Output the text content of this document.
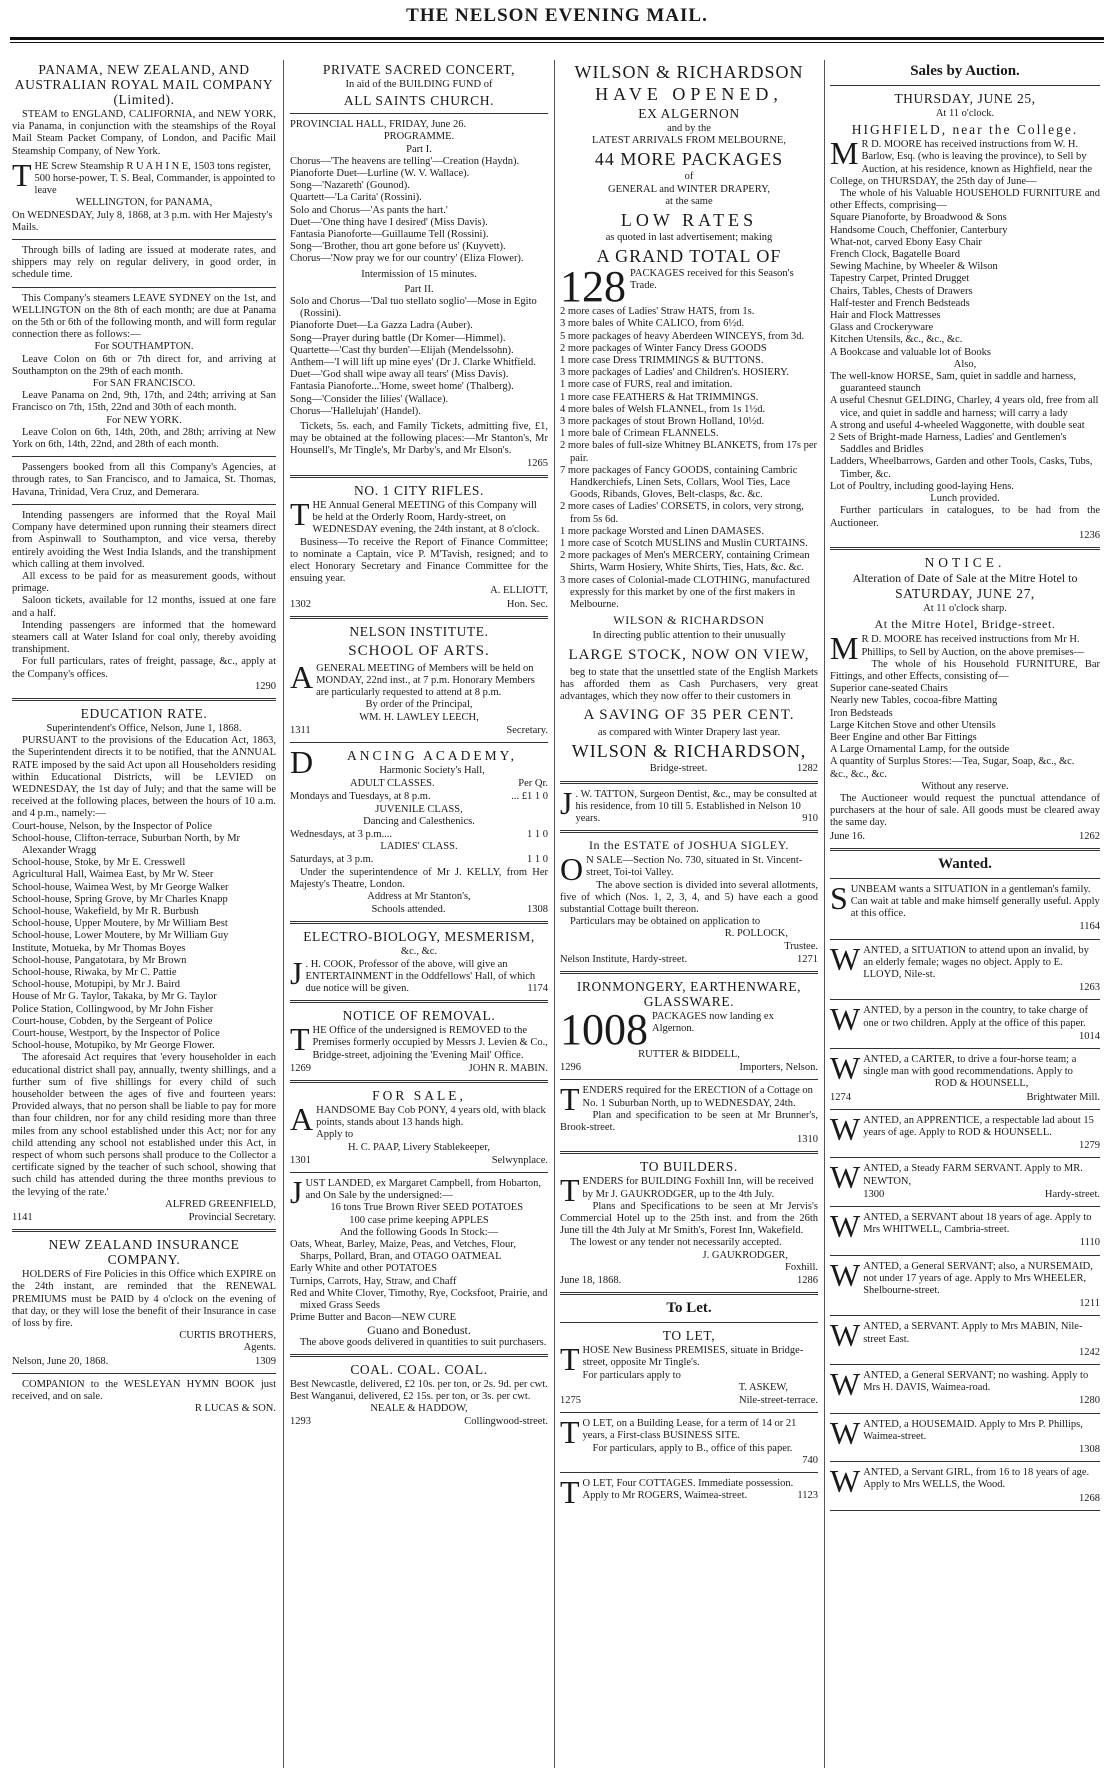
THE NELSON EVENING MAIL.
PANAMA, NEW ZEALAND, AND AUSTRALIAN ROYAL MAIL COMPANY (Limited).
STEAM to ENGLAND, CALIFORNIA, and NEW YORK, via Panama, in conjunction with the steamships of the Royal Mail Steam Packet Company, of London, and Pacific Mail Steamship Company, of New York.
THE Screw Steamship R U A H I N E, 1503 tons register, 500 horse-power, T. S. Beal, Commander, is appointed to leave
WELLINGTON, for PANAMA,
On WEDNESDAY, July 8, 1868, at 3 p.m. with Her Majesty's Mails.
Through bills of lading are issued at moderate rates, and shippers may rely on regular delivery, in good order, in schedule time.
This Company's steamers LEAVE SYDNEY on the 1st, and WELLINGTON on the 8th of each month; are due at Panama on the 5th or 6th of the following month, and will form regular connection there as follows:—
For SOUTHAMPTON.
Leave Colon on 6th or 7th direct for, and arriving at Southampton on the 29th of each month.
For SAN FRANCISCO.
Leave Panama on 2nd, 9th, 17th, and 24th; arriving at San Francisco on 7th, 15th, 22nd and 30th of each month.
For NEW YORK.
Leave Colon on 6th, 14th, 20th, and 28th; arriving at New York on 6th, 14th, 22nd, and 28th of each month.
Passengers booked from all this Company's Agencies, at through rates, to San Francisco, and to Jamaica, St. Thomas, Havana, Trinidad, Vera Cruz, and Demerara.
Intending passengers are informed that the Royal Mail Company have determined upon running their steamers direct from Aspinwall to Southampton, and vice versa, thereby entirely avoiding the West India Islands, and the transhipment which calling at them involved.
All excess to be paid for as measurement goods, without primage.
Saloon tickets, available for 12 months, issued at one fare and a half.
Intending passengers are informed that the homeward steamers call at Water Island for coal only, thereby avoiding transhipment.
For full particulars, rates of freight, passage, &c., apply at the Company's offices.
1290
EDUCATION RATE.
Superintendent's Office, Nelson, June 1, 1868.
PURSUANT to the provisions of the Education Act, 1863, the Superintendent directs it to be notified, that the ANNUAL RATE imposed by the said Act upon all Householders residing within Educational Districts, will be LEVIED on WEDNESDAY, the 1st day of July; and that the same will be received at the following places, between the hours of 10 a.m. and 4 p.m., namely:—
Court-house, Nelson, by the Inspector of Police
School-house, Clifton-terrace, Suburban North, by Mr Alexander Wragg
School-house, Stoke, by Mr E. Cresswell
Agricultural Hall, Waimea East, by Mr W. Steer
School-house, Waimea West, by Mr George Walker
School-house, Spring Grove, by Mr Charles Knapp
School-house, Wakefield, by Mr R. Burbush
School-house, Upper Moutere, by Mr William Best
School-house, Lower Moutere, by Mr William Guy
Institute, Motueka, by Mr Thomas Boyes
School-house, Pangatotara, by Mr Brown
School-house, Riwaka, by Mr C. Pattie
School-house, Motupipi, by Mr J. Baird
House of Mr G. Taylor, Takaka, by Mr G. Taylor
Police Station, Collingwood, by Mr John Fisher
Court-house, Cobden, by the Sergeant of Police
Court-house, Westport, by the Inspector of Police
School-house, Motupiko, by Mr George Flower.
The aforesaid Act requires that 'every householder in each educational district shall pay, annually, twenty shillings, and a further sum of five shillings for every child of such householder between the ages of five and fourteen years: Provided always, that no person shall be liable to pay for more than four children, nor for any child residing more than three miles from any school established under this Act; nor for any child attending any school not established under this Act, in respect of whom such persons shall produce to the Collector a certificate signed by the teacher of such school, showing that such child has attended during the three months previous to the levying of the rate.'
ALFRED GREENFIELD,
1141	Provincial Secretary.
NEW ZEALAND INSURANCE COMPANY.
HOLDERS of Fire Policies in this Office which EXPIRE on the 24th instant, are reminded that the RENEWAL PREMIUMS must be PAID by 4 o'clock on the evening of that day, or they will lose the benefit of their Insurance in case of loss by fire.
CURTIS BROTHERS,
Agents.
Nelson, June 20, 1868.	1309
COMPANION to the WESLEYAN HYMN BOOK just received, and on sale.
R LUCAS & SON.
PRIVATE SACRED CONCERT,
In aid of the BUILDING FUND of
ALL SAINTS CHURCH.
PROVINCIAL HALL, FRIDAY, June 26.
PROGRAMME.
Part I.
Chorus—'The heavens are telling'—Creation (Haydn).
Pianoforte Duet—Lurline (W. V. Wallace).
Song—'Nazareth' (Gounod).
Quartett—'La Carita' (Rossini).
Solo and Chorus—'As pants the hart.'
Duet—'One thing have I desired' (Miss Davis).
Fantasia Pianoforte—Guillaume Tell (Rossini).
Song—'Brother, thou art gone before us' (Kuyvett).
Chorus—'Now pray we for our country' (Eliza Flower).
Intermission of 15 minutes.
Part II.
Solo and Chorus—'Dal tuo stellato soglio'—Mose in Egito (Rossini).
Pianoforte Duet—La Gazza Ladra (Auber).
Song—Prayer during battle (Dr Komer—Himmel).
Quartette—'Cast thy burden'—Elijah (Mendelssohn).
Anthem—'I will lift up mine eyes' (Dr J. Clarke Whitfield.
Duet—'God shall wipe away all tears' (Miss Davis).
Fantasia Pianoforte...'Home, sweet home' (Thalberg).
Song—'Consider the lilies' (Wallace).
Chorus—'Hallelujah' (Handel).
Tickets, 5s. each, and Family Tickets, admitting five, £1, may be obtained at the following places:—Mr Stanton's, Mr Hounsell's, Mr Tingle's, Mr Darby's, and Mr Elson's.
1265
NO. 1 CITY RIFLES.
THE Annual General MEETING of this Company will be held at the Orderly Room, Hardy-street, on WEDNESDAY evening, the 24th instant, at 8 o'clock.
Business—To receive the Report of Finance Committee; to nominate a Captain, vice P. M'Tavish, resigned; and to elect Honorary Secretary and Finance Committee for the ensuing year.
A. ELLIOTT,
1302	Hon. Sec.
NELSON INSTITUTE.
SCHOOL OF ARTS.
AGENERAL MEETING of Members will be held on MONDAY, 22nd inst., at 7 p.m. Honorary Members are particularly requested to attend at 8 p.m.
By order of the Principal,
WM. H. LAWLEY LEECH,
1311	Secretary.
D	ANCING ACADEMY,
Harmonic Society's Hall,
ADULT CLASSES.	Per Qr.
Mondays and Tuesdays, at 8 p.m.	... £1 1 0
JUVENILE CLASS,
Dancing and Calesthenics.
Wednesdays, at 3 p.m....	1 1 0
LADIES' CLASS.
Saturdays, at 3 p.m.	1 1 0
Under the superintendence of Mr J. KELLY, from Her Majesty's Theatre, London.
Address at Mr Stanton's,
Schools attended.	1308
ELECTRO-BIOLOGY, MESMERISM,
&c., &c.
J . H. COOK, Professor of the above, will give an ENTERTAINMENT in the Oddfellows' Hall, of which due notice will be given.	1174
NOTICE OF REMOVAL.
THE Office of the undersigned is REMOVED to the Premises formerly occupied by Messrs J. Levien & Co., Bridge-street, adjoining the 'Evening Mail' Office.
1269	JOHN R. MABIN.
FOR SALE,
AHANDSOME Bay Cob PONY, 4 years old, with black points, stands about 13 hands high.
Apply to
H. C. PAAP, Livery Stablekeeper,
1301	Selwynplace.
JUST LANDED, ex Margaret Campbell, from Hobarton, and On Sale by the undersigned:—
16 tons True Brown River SEED POTATOES
100 case prime keeping APPLES
And the following Goods In Stock:—
Oats, Wheat, Barley, Maize, Peas, and Vetches, Flour, Sharps, Pollard, Bran, and OTAGO OATMEAL
Early White and other POTATOES
Turnips, Carrots, Hay, Straw, and Chaff
Red and White Clover, Timothy, Rye, Cocksfoot, Prairie, and mixed Grass Seeds
Prime Butter and Bacon—NEW CURE
Guano and Bonedust.
The above goods delivered in quantities to suit purchasers.
COAL. COAL. COAL.
Best Newcastle, delivered, £2 10s. per ton, or 2s. 9d. per cwt.
Best Wanganui, delivered, £2 15s. per ton, or 3s. per cwt.
NEALE & HADDOW,
1293	Collingwood-street.
WILSON & RICHARDSON
HAVE OPENED,
EX ALGERNON
and by the
LATEST ARRIVALS FROM MELBOURNE,
44 MORE PACKAGES
of
GENERAL and WINTER DRAPERY,
at the same
LOW RATES
as quoted in last advertisement; making
A GRAND TOTAL OF
128 PACKAGES received for this Season's Trade.
2 more cases of Ladies' Straw HATS, from 1s.
3 more bales of White CALICO, from 6½d.
5 more packages of heavy Aberdeen WINCEYS, from 3d.
2 more packages of Winter Fancy Dress GOODS
1 more case Dress TRIMMINGS & BUTTONS.
3 more packages of Ladies' and Children's. HOSIERY.
1 more case of FURS, real and imitation.
1 more case FEATHERS & Hat TRIMMINGS.
4 more bales of Welsh FLANNEL, from 1s 1½d.
3 more packages of stout Brown Holland, 10½d.
1 more bale of Crimean FLANNELS.
2 more bales of full-size Whitney BLANKETS, from 17s per pair.
7 more packages of Fancy GOODS, containing Cambric Handkerchiefs, Linen Sets, Collars, Wool Ties, Lace Goods, Ribands, Gloves, Belt-clasps, &c. &c.
2 more cases of Ladies' CORSETS, in colors, very strong, from 5s 6d.
1 more package Worsted and Linen DAMASES.
1 more case of Scotch MUSLINS and Muslin CURTAINS.
2 more packages of Men's MERCERY, containing Crimean Shirts, Warm Hosiery, White Shirts, Ties, Hats, &c. &c.
3 more cases of Colonial-made CLOTHING, manufactured expressly for this market by one of the first makers in Melbourne.
WILSON & RICHARDSON
In directing public attention to their unusually
LARGE STOCK, NOW ON VIEW,
beg to state that the unsettled state of the English Markets has afforded them as Cash Purchasers, very great advantages, which they now offer to their customers in
A SAVING OF 35 PER CENT.
as compared with Winter Drapery last year.
WILSON & RICHARDSON,
Bridge-street.	1282
J . W. TATTON, Surgeon Dentist, &c., may be consulted at his residence, from 10 till 5. Established in Nelson 10 years.	910
In the ESTATE of JOSHUA SIGLEY.
O N SALE—Section No. 730, situated in St. Vincent-street, Toi-toi Valley.
The above section is divided into several allotments, five of which (Nos. 1, 2, 3, 4, and 5) have each a good substantial Cottage built thereon.
Particulars may be obtained on application to
R. POLLOCK,
Trustee.
Nelson Institute, Hardy-street.	1271
IRONMONGERY, EARTHENWARE, GLASSWARE.
1008 PACKAGES now landing ex Algernon.
RUTTER & BIDDELL,
1296	Importers, Nelson.
TENDERS required for the ERECTION of a Cottage on No. 1 Suburban North, up to WEDNESDAY, 24th.
Plan and specification to be seen at Mr Brunner's, Brook-street.
1310
TO BUILDERS.
TENDERS for BUILDING Foxhill Inn, will be received by Mr J. GAUKRODGER, up to the 4th July.
Plans and Specifications to be seen at Mr Jervis's Commercial Hotel up to the 25th inst. and from the 26th June till the 4th July at Mr Smith's, Forest Inn, Wakefield.
The lowest or any tender not necessarily accepted.
J. GAUKRODGER,
Foxhill.
June 18, 1868.	1286
To Let.
TO LET,
THOSE New Business PREMISES, situate in Bridge-street, opposite Mr Tingle's.
For particulars apply to
T. ASKEW,
1275	Nile-street-terrace.
T O LET, on a Building Lease, for a term of 14 or 21 years, a First-class BUSINESS SITE.
For particulars, apply to B., office of this paper.
740
T O LET, Four COTTAGES. Immediate possession. Apply to Mr ROGERS, Waimea-street.	1123
Sales by Auction.
THURSDAY, JUNE 25,
At 11 o'clock.
HIGHFIELD, near the College.
M R D. MOORE has received instructions from W. H. Barlow, Esq. (who is leaving the province), to Sell by Auction, at his residence, known as Highfield, near the College, on THURSDAY, the 25th day of June—
The whole of his Valuable HOUSEHOLD FURNITURE and other Effects, comprising—
Square Pianoforte, by Broadwood & Sons
Handsome Couch, Cheffonier, Canterbury
What-not, carved Ebony Easy Chair
French Clock, Bagatelle Board
Sewing Machine, by Wheeler & Wilson
Tapestry Carpet, Printed Drugget
Chairs, Tables, Chests of Drawers
Half-tester and French Bedsteads
Hair and Flock Mattresses
Glass and Crockeryware
Kitchen Utensils, &c., &c., &c.
A Bookcase and valuable lot of Books
Also,
The well-know HORSE, Sam, quiet in saddle and harness, guaranteed staunch
A useful Chesnut GELDING, Charley, 4 years old, free from all vice, and quiet in saddle and harness; will carry a lady
A strong and useful 4-wheeled Waggonette, with double seat
2 Sets of Bright-made Harness, Ladies' and Gentlemen's Saddles and Bridles
Ladders, Wheelbarrows, Garden and other Tools, Casks, Tubs, Timber, &c.
Lot of Poultry, including good-laying Hens.
Lunch provided.
Further particulars in catalogues, to be had from the Auctioneer.
1236
NOTICE.
Alteration of Date of Sale at the Mitre Hotel to
SATURDAY, JUNE 27,
At 11 o'clock sharp.
At the Mitre Hotel, Bridge-street.
M R D. MOORE has received instructions from Mr H. Phillips, to Sell by Auction, on the above premises—
The whole of his Household FURNITURE, Bar Fittings, and other Effects, consisting of—
Superior cane-seated Chairs
Nearly new Tables, cocoa-fibre Matting
Iron Bedsteads
Large Kitchen Stove and other Utensils
Beer Engine and other Bar Fittings
A Large Ornamental Lamp, for the outside
A quantity of Surplus Stores:—Tea, Sugar, Soap, &c., &c.
&c., &c., &c.
Without any reserve.
The Auctioneer would request the punctual attendance of purchasers at the hour of sale. All goods must be cleared away the same day.
June 16.	1262
Wanted.
SUNBEAM wants a SITUATION in a gentleman's family. Can wait at table and make himself generally useful. Apply at this office.
1164
WANTED, a SITUATION to attend upon an invalid, by an elderly female; wages no object. Apply to E. LLOYD, Nile-st.
1263
WANTED, by a person in the country, to take charge of one or two children. Apply at the office of this paper.
1014
WANTED, a CARTER, to drive a four-horse team; a single man with good recommendations. Apply to
ROD & HOUNSELL,
1274	Brightwater Mill.
WANTED, an APPRENTICE, a respectable lad about 15 years of age. Apply to ROD & HOUNSELL.
1279
WANTED, a Steady FARM SERVANT. Apply to MR. NEWTON,
1300	Hardy-street.
WANTED, a SERVANT about 18 years of age. Apply to Mrs WHITWELL, Cambria-street.
1110
WANTED, a General SERVANT; also, a NURSEMAID, not under 17 years of age. Apply to Mrs WHEELER, Shelbourne-street.
1211
WANTED, a SERVANT. Apply to Mrs MABIN, Nile-street East.
1242
WANTED, a General SERVANT; no washing. Apply to Mrs H. DAVIS, Waimea-road.
1280
WANTED, a HOUSEMAID. Apply to Mrs P. Phillips, Waimea-street.
1308
WANTED, a Servant GIRL, from 16 to 18 years of age. Apply to Mrs WELLS, the Wood.
1268
